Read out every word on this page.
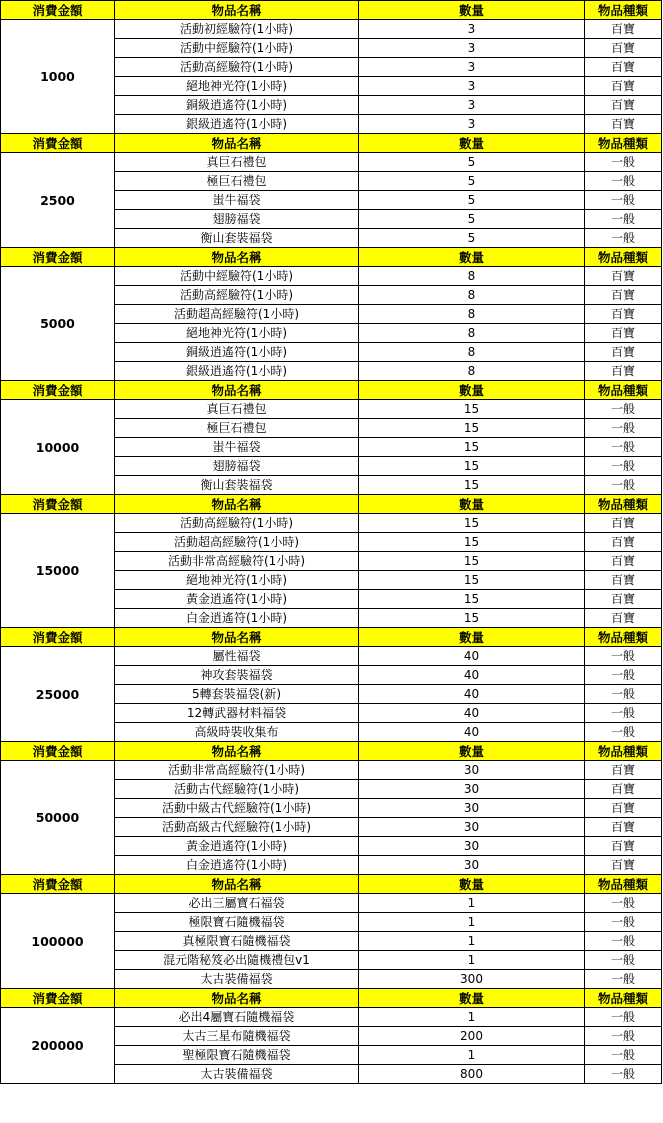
消費金額	物品名稱	數量	物品種類
1000	活動初經驗符(1小時)	3	百寶
	活動中經驗符(1小時)	3	百寶
	活動高經驗符(1小時)	3	百寶
	絕地神光符(1小時)	3	百寶
	銅級逍遙符(1小時)	3	百寶
	銀級逍遙符(1小時)	3	百寶
消費金額	物品名稱	數量	物品種類
2500	真巨石禮包	5	一般
	極巨石禮包	5	一般
	蚩牛福袋	5	一般
	翅膀福袋	5	一般
	衡山套裝福袋	5	一般
消費金額	物品名稱	數量	物品種類
5000	活動中經驗符(1小時)	8	百寶
	活動高經驗符(1小時)	8	百寶
	活動超高經驗符(1小時)	8	百寶
	絕地神光符(1小時)	8	百寶
	銅級逍遙符(1小時)	8	百寶
	銀級逍遙符(1小時)	8	百寶
消費金額	物品名稱	數量	物品種類
10000	真巨石禮包	15	一般
	極巨石禮包	15	一般
	蚩牛福袋	15	一般
	翅膀福袋	15	一般
	衡山套裝福袋	15	一般
消費金額	物品名稱	數量	物品種類
15000	活動高經驗符(1小時)	15	百寶
	活動超高經驗符(1小時)	15	百寶
	活動非常高經驗符(1小時)	15	百寶
	絕地神光符(1小時)	15	百寶
	黃金逍遙符(1小時)	15	百寶
	白金逍遙符(1小時)	15	百寶
消費金額	物品名稱	數量	物品種類
25000	屬性福袋	40	一般
	神攻套裝福袋	40	一般
	5轉套裝福袋(新)	40	一般
	12轉武器材料福袋	40	一般
	高級時裝收集布	40	一般
消費金額	物品名稱	數量	物品種類
50000	活動非常高經驗符(1小時)	30	百寶
	活動古代經驗符(1小時)	30	百寶
	活動中級古代經驗符(1小時)	30	百寶
	活動高級古代經驗符(1小時)	30	百寶
	黃金逍遙符(1小時)	30	百寶
	白金逍遙符(1小時)	30	百寶
消費金額	物品名稱	數量	物品種類
100000	必出三屬寶石福袋	1	一般
	極限寶石隨機福袋	1	一般
	真極限寶石隨機福袋	1	一般
	混元階秘笈必出隨機禮包v1	1	一般
	太古裝備福袋	300	一般
消費金額	物品名稱	數量	物品種類
200000	必出4屬寶石隨機福袋	1	一般
	太古三星布隨機福袋	200	一般
	聖極限寶石隨機福袋	1	一般
	太古裝備福袋	800	一般
